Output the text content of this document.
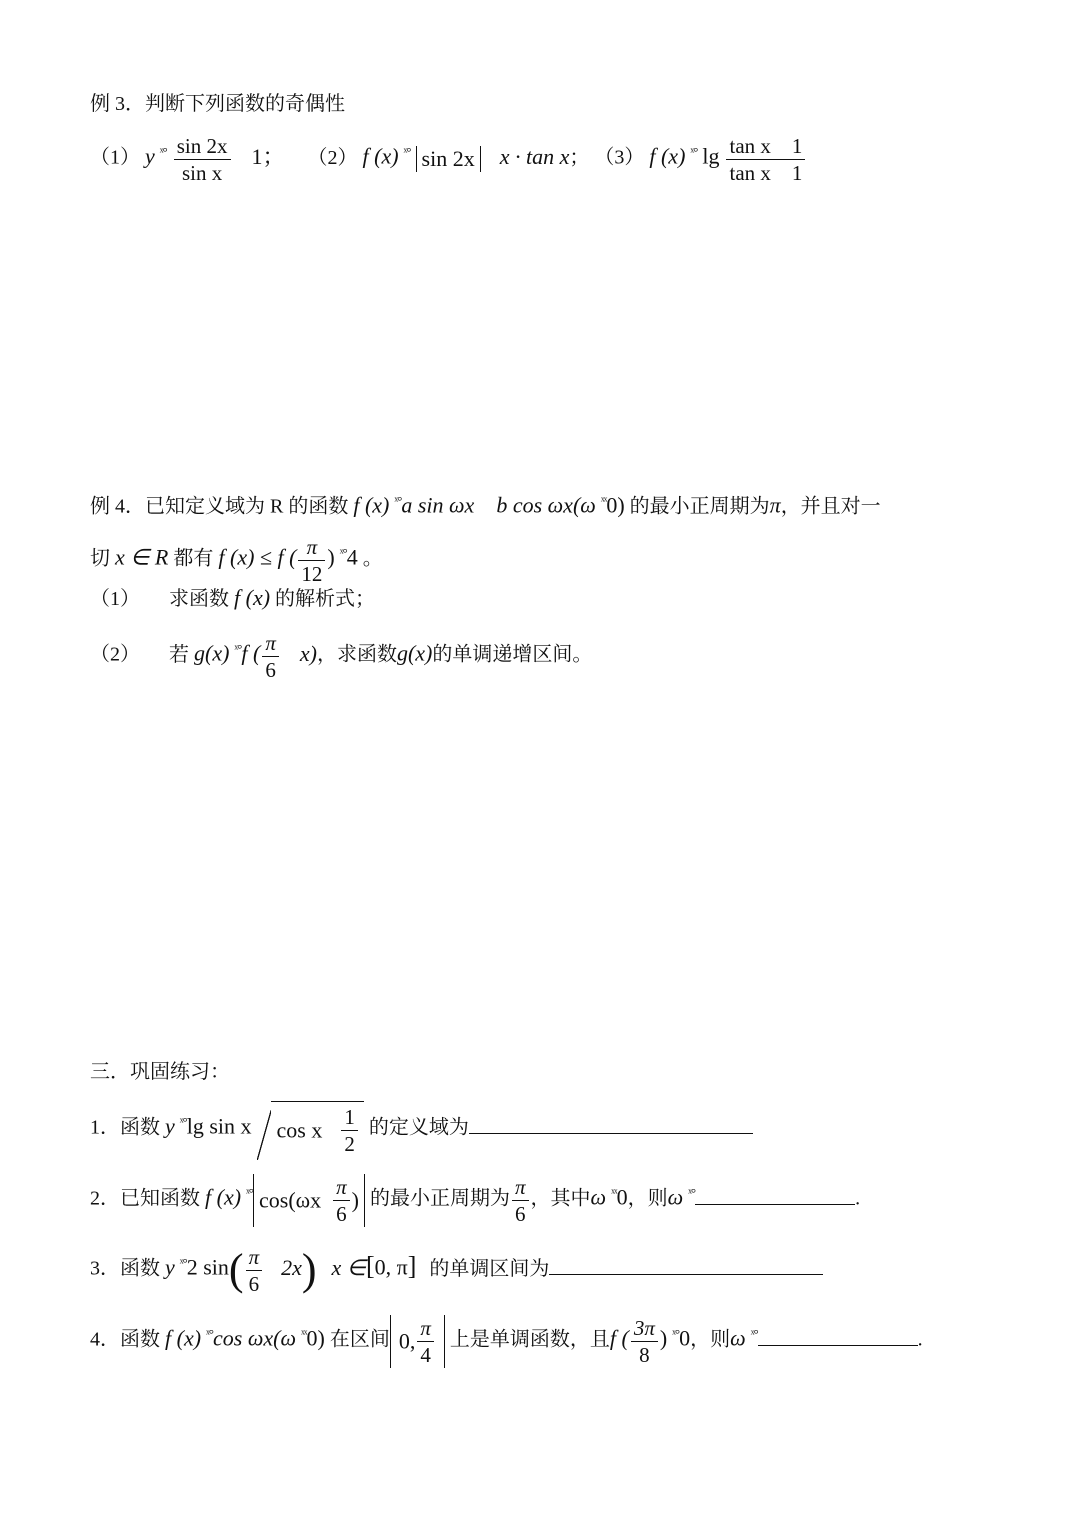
例 3．判断下列函数的奇偶性
（1） y $^{ˣ^\circ} \frac{\sin 2x}{\text{sin x}} 1$； （2） f (x) $^{ˣ^\circ}$ sin 2x x · tan x； （3） f (x) $^{ˣ^\circ}$ $\lg \frac{\text{tan x    1}}{\text{tan x    1}}$
例 4．已知定义域为 R 的函数 f (x) $^{ˣ^\circ}$a sin ωx    b cos ωx(ω $^{ˣˣ}$0) 的最小正周期为π，并且对一
切 x ∈ R 都有 f (x) ≤ f ( $\frac{\pi}{12}$ ) $^{ˣ^\circ}$4 。
（1） 求函数 f (x) 的解析式；
（2） 若 g(x) $^{ˣ^\circ}$f ( $\frac{\pi}{6} x$)，求函数g(x)的单调递增区间。
三．巩固练习：
1．函数 y $^{ˣ^\circ}$lg sin x cos x $\frac{1}{2}$ 的定义域为
2．已知函数 f (x) $^{ˣ^\circ}$ $\cos(\omega x \frac{\pi}{6}$ ) 的最小正周期为 $\frac{\pi}{6}$ ，其中ω $^{ˣˣ}$0，则ω $^{ˣ^\circ}$	.
3．函数 y $^{ˣ^\circ}$2 $\sin( \frac{\pi}{6} 2x)$ x ∈[0, π] 的单调区间为
4．函数 f (x) $^{ˣ^\circ}$cos ωx(ω $^{ˣˣ}$0) 在区间 0, $\frac{\pi}{4}$ 上是单调函数，且f ( $\frac{3\pi}{8}$ ) $^{ˣ^\circ}$0，则ω $^{ˣ^\circ}$	.
